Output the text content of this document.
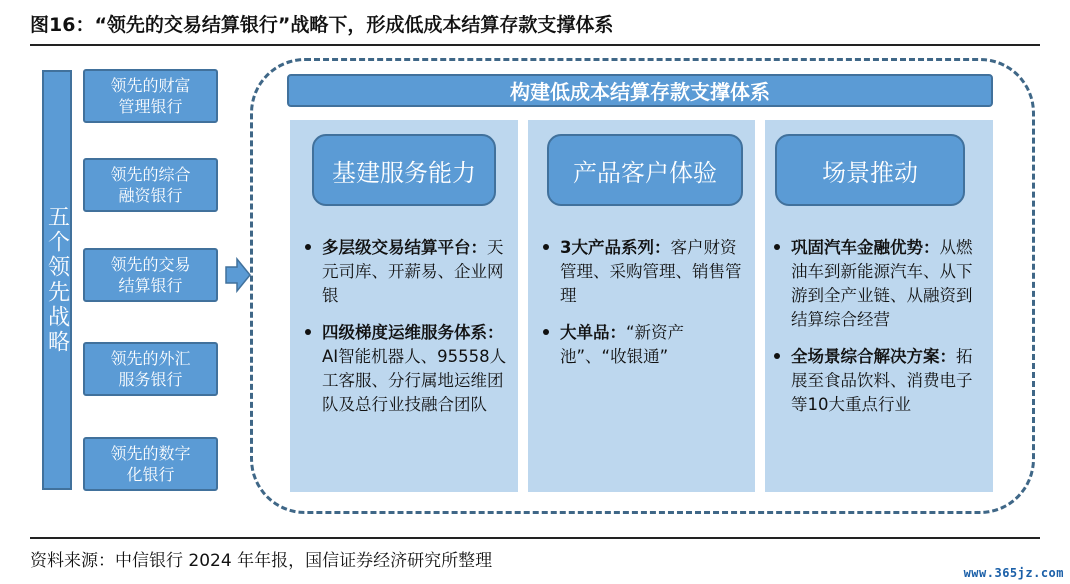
图16：“领先的交易结算银行”战略下，形成低成本结算存款支撑体系
五个领先战略
领先的财富
管理银行
领先的综合
融资银行
领先的交易
结算银行
领先的外汇
服务银行
领先的数字
化银行
构建低成本结算存款支撑体系
基建服务能力
多层级交易结算平台：天元司库、开薪易、企业网银
四级梯度运维服务体系：AI智能机器人、95558人工客服、分行属地运维团队及总行业技融合团队
产品客户体验
3大产品系列：客户财资管理、采购管理、销售管理
大单品：“新资产池”、“收银通”
场景推动
巩固汽车金融优势：从燃油车到新能源汽车、从下游到全产业链、从融资到结算综合经营
全场景综合解决方案：拓展至食品饮料、消费电子等10大重点行业
资料来源：中信银行 2024 年年报，国信证券经济研究所整理
www.365jz.com
